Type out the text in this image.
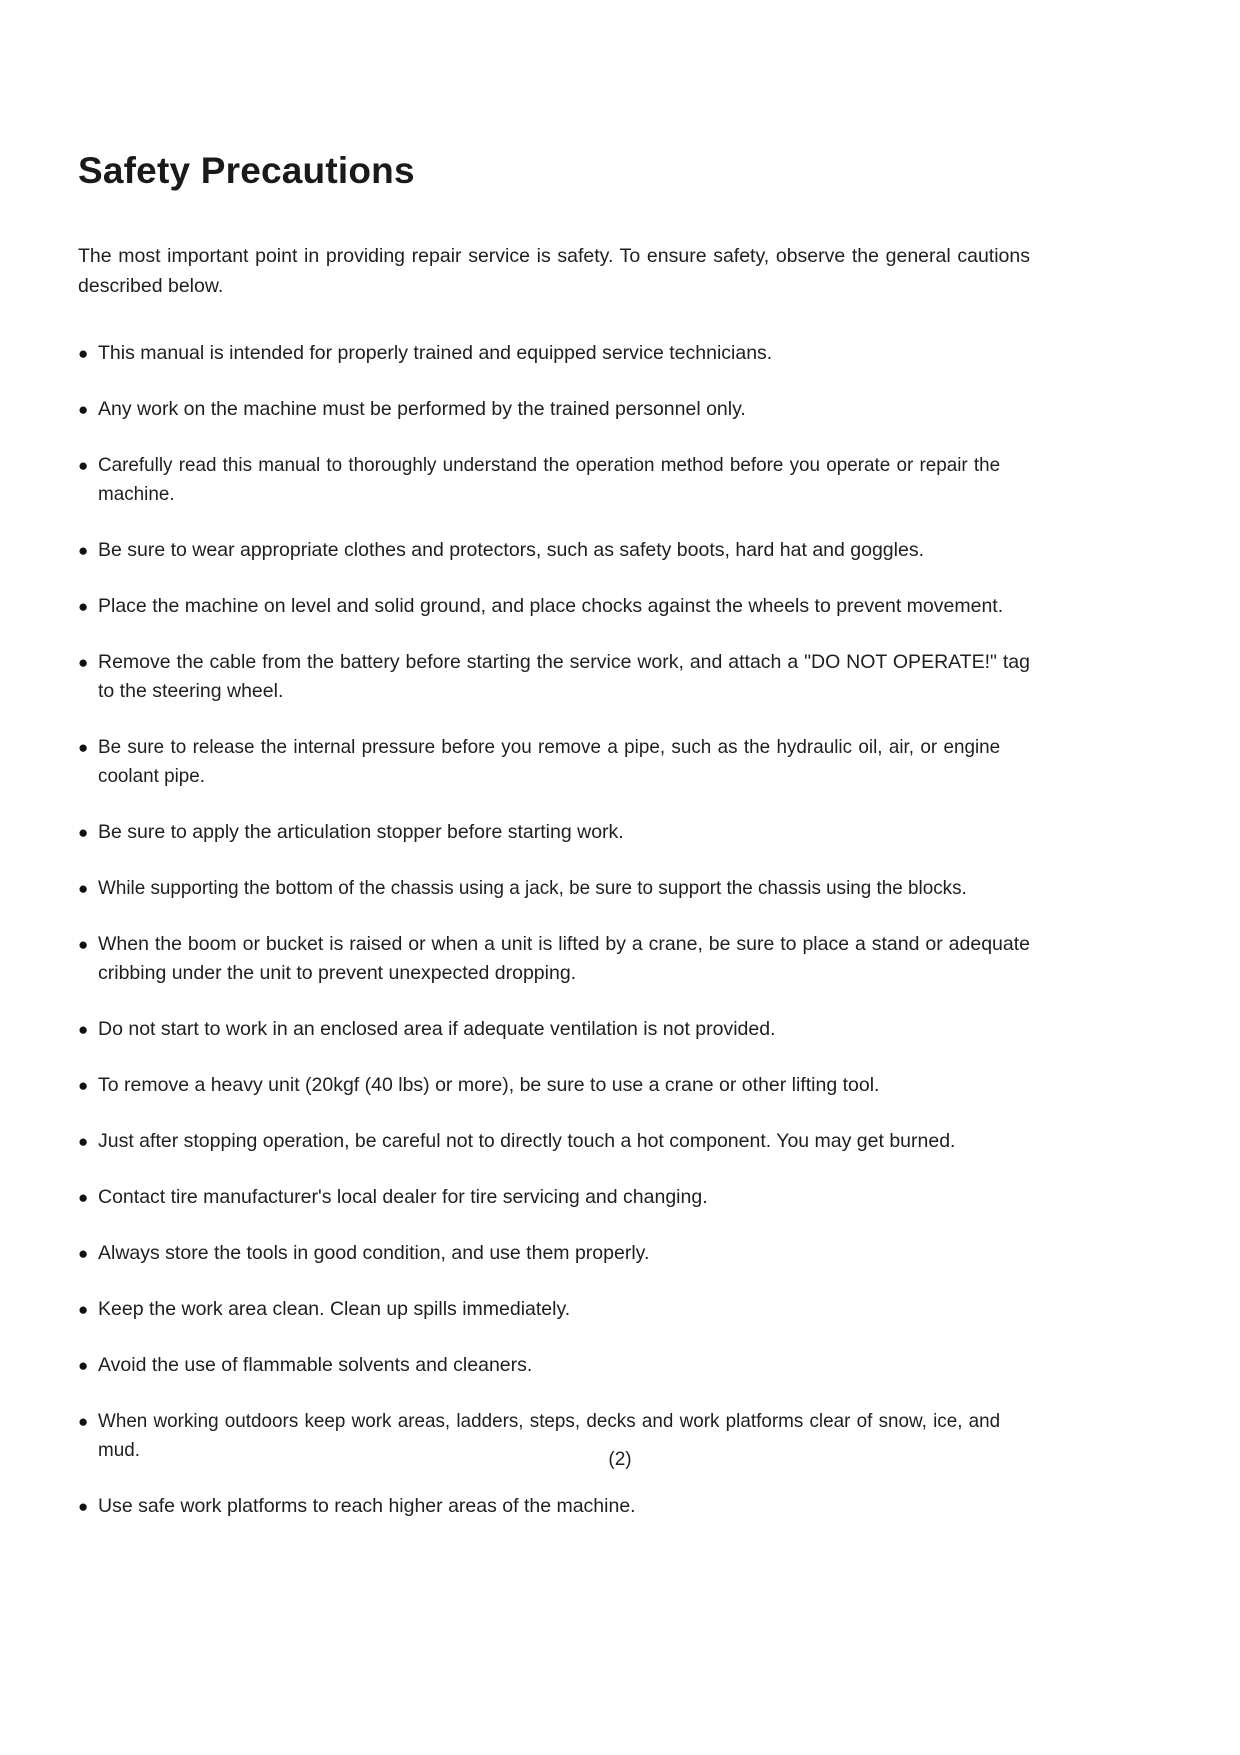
Safety Precautions

The most important point in providing repair service is safety. To ensure safety, observe the general cautions described below.

● This manual is intended for properly trained and equipped service technicians.
● Any work on the machine must be performed by the trained personnel only.
● Carefully read this manual to thoroughly understand the operation method before you operate or repair the machine.
● Be sure to wear appropriate clothes and protectors, such as safety boots, hard hat and goggles.
● Place the machine on level and solid ground, and place chocks against the wheels to prevent movement.
● Remove the cable from the battery before starting the service work, and attach a "DO NOT OPERATE!" tag to the steering wheel.
● Be sure to release the internal pressure before you remove a pipe, such as the hydraulic oil, air, or engine coolant pipe.
● Be sure to apply the articulation stopper before starting work.
● While supporting the bottom of the chassis using a jack, be sure to support the chassis using the blocks.
● When the boom or bucket is raised or when a unit is lifted by a crane, be sure to place a stand or adequate cribbing under the unit to prevent unexpected dropping.
● Do not start to work in an enclosed area if adequate ventilation is not provided.
● To remove a heavy unit (20kgf (40 lbs) or more), be sure to use a crane or other lifting tool.
● Just after stopping operation, be careful not to directly touch a hot component. You may get burned.
● Contact tire manufacturer's local dealer for tire servicing and changing.
● Always store the tools in good condition, and use them properly.
● Keep the work area clean. Clean up spills immediately.
● Avoid the use of flammable solvents and cleaners.
● When working outdoors keep work areas, ladders, steps, decks and work platforms clear of snow, ice, and mud.
● Use safe work platforms to reach higher areas of the machine.
(2)
